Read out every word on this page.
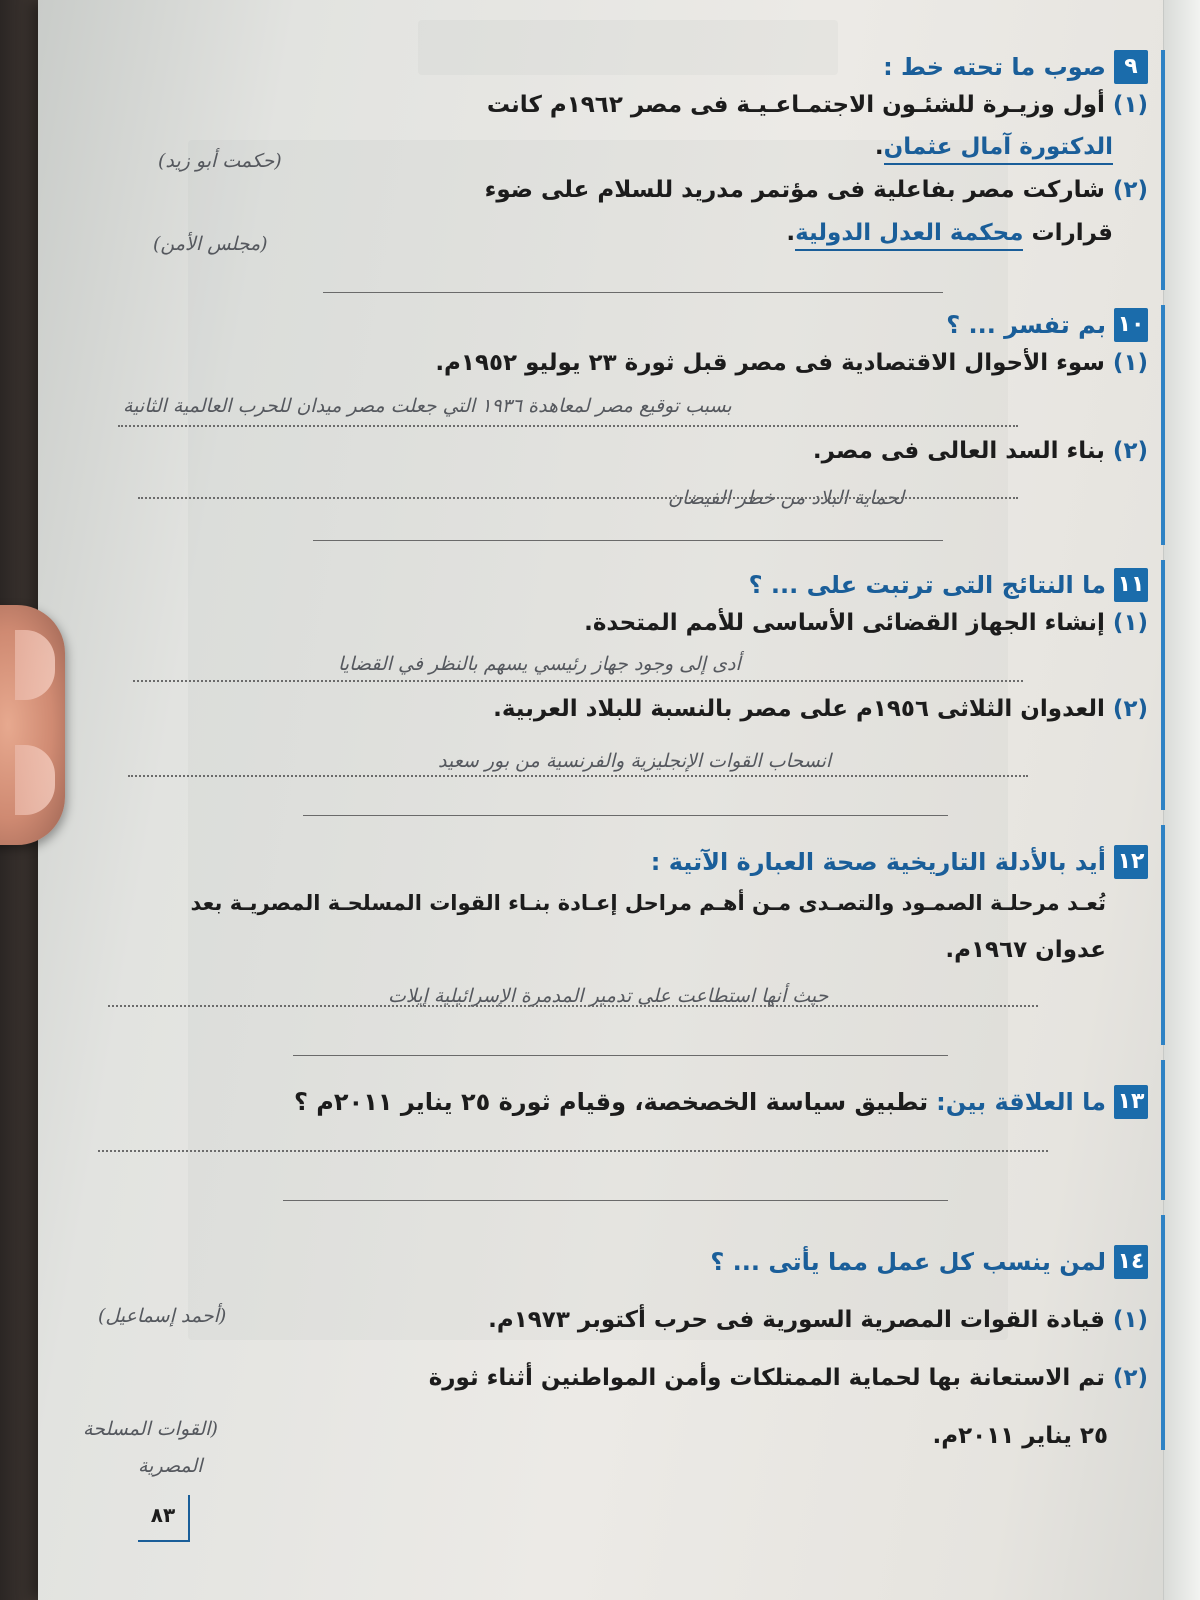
٩
صوب ما تحته خط :
(١) أول وزيـرة للشئـون الاجتمـاعـيـة فى مصر ١٩٦٢م كانت
الدكتورة آمال عثمان.
(٢) شاركت مصر بفاعلية فى مؤتمر مدريد للسلام على ضوء
قرارات محكمة العدل الدولية.
(حكمت أبو زيد)
(مجلس الأمن)
١٠
بم تفسر ... ؟
(١) سوء الأحوال الاقتصادية فى مصر قبل ثورة ٢٣ يوليو ١٩٥٢م.
(٢) بناء السد العالى فى مصر.
بسبب توقيع مصر لمعاهدة ١٩٣٦ التي جعلت مصر ميدان للحرب العالمية الثانية
لحماية البلاد من خطر الفيضان
١١
ما النتائج التى ترتبت على ... ؟
(١) إنشاء الجهاز القضائى الأساسى للأمم المتحدة.
(٢) العدوان الثلاثى ١٩٥٦م على مصر بالنسبة للبلاد العربية.
أدى إلى وجود جهاز رئيسي يسهم بالنظر في القضايا
انسحاب القوات الإنجليزية والفرنسية من بور سعيد
١٢
أيد بالأدلة التاريخية صحة العبارة الآتية :
تُعـد مرحلـة الصمـود والتصـدى مـن أهـم مراحل إعـادة بنـاء القوات المسلحـة المصريـة بعد
عدوان ١٩٦٧م.
حيث أنها استطاعت على تدمير المدمرة الإسرائيلية إيلات
١٣
ما العلاقة بين:
تطبيق سياسة الخصخصة، وقيام ثورة ٢٥ يناير ٢٠١١م ؟
١٤
لمن ينسب كل عمل مما يأتى ... ؟
(١) قيادة القوات المصرية السورية فى حرب أكتوبر ١٩٧٣م.
(٢) تم الاستعانة بها لحماية الممتلكات وأمن المواطنين أثناء ثورة
٢٥ يناير ٢٠١١م.
(أحمد إسماعيل)
(القوات المسلحة
المصرية
٨٣
